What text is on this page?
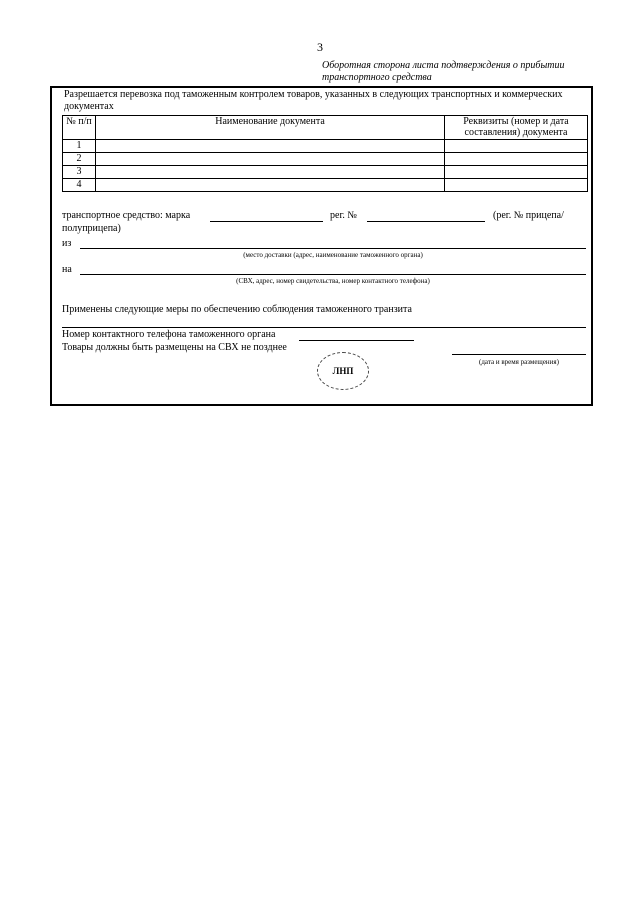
3
Оборотная сторона листа подтверждения о прибытии транспортного средства
Разрешается перевозка под таможенным контролем товаров, указанных в следующих транспортных и коммерческих документах
№ п/п	Наименование документа	Реквизиты (номер и дата составления) документа
1		
2		
3		
4		
транспортное средство: марка	рег. №	(рег. № прицепа/
полуприцепа)
из
(место доставки (адрес, наименование таможенного органа)
на
(СВХ, адрес, номер свидетельства, номер контактного телефона)
Применены следующие меры по обеспечению соблюдения таможенного транзита
Номер контактного телефона таможенного органа
Товары должны быть размещены на СВХ не позднее
(дата и время размещения)
ЛНП
